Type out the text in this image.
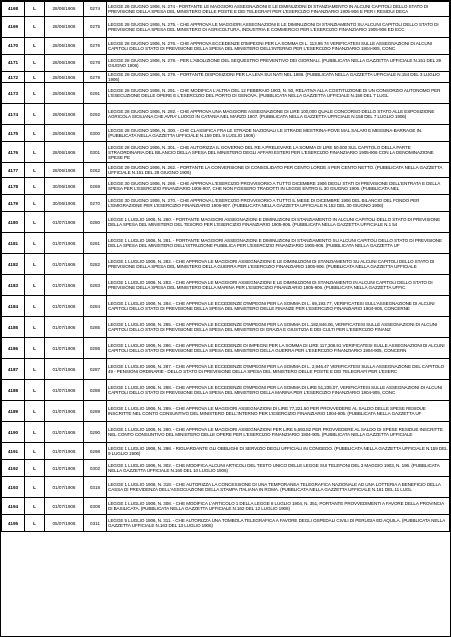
4168	L	28/06/1906	0274	LEGGE 28 GIUGNO 1906, N. 274 - PORTANTE LE MAGGIORI ASSEGNAZIONI E LE DIMINUZIONI DI STANZIAMENTO IN ALCUNI CAPITOLI DELLO STATO DI PREVISIONE DELLA SPESA DEL MINISTERO DELLE POSTE E DEI TELEGRAFI PER L'ESERCIZIO FINANZIARIO 1905-906 E PER I RESIDUI DECA
4169	L	28/06/1906	0275	LEGGE 28 GIUGNO 1906, N. 275. - CHE APPROVA LE MAGGIORI ASSEGNAZIONI E LE DIMINUZIONI DI STANZIAMENTO SU ALCUNI CAPITOLI DELLO STATO DI PREVISIONE DELLA SPESA DEL MINISTERO DI AGRICOLTURA, INDUSTRIA E COMMERCIO PER L'ESERCIZIO FINANZIARIO 1905-906 ED ECC
4170	L	28/06/1906	0276	LEGGE 28 GIUGNO 1906, N. 276. - CHE APPROVA ECCEDENZE D'IMPEGNI PER LA SOMMA DI L. 113.95 74 VERIFICATESI SULLE ASSEGNAZIONI DI ALCUNI CAPITOLI DELLO STATO DI PREVISIONE DELLA SPESA DEL MINISTERO DELL'INTERNO PER L'ESERCIZIO FINANZIARIO 1904-905, CONC
4171	L	28/06/1906	0278	LEGGE 28 GIUGNO 1906, N. 278. - PER L'ABOLIZIONE DEL SEQUESTRO PREVENTIVO DEI GIORNALI. (PUBBLICATA NELLA GAZZETTA UFFICIALE N.151 DEL 29 GIUGNO 1906)
4172	L	28/06/1906	0279	LEGGE 28 GIUGNO 1906, N. 279. - PORTANTE DISPOSIZIONI PER LA LEVA SUI NATI NEL 1886. (PUBBLICATA NELLA GAZZETTA UFFICIALE N.154 DEL 3 LUGLIO 1906)
4173	L	28/06/1906	0291	LEGGE 28 GIUGNO 1906, N. 291. - CHE MODIFICA L'ALTRA DEL 12 FEBBRAIO 1903, N. 50, RELATIVA ALLA COSTITUZIONE DI UN CONSORZIO AUTONOMO PER L'ESECUZIONE DELLE OPERE E L'ESERCIZIO DEL PORTO DI GENOVA. (PUBBLICATA NELLA GAZZETTA UFFICIALE N.158 DEL 7 LUGL
4174	L	28/06/1906	0292	LEGGE 28 GIUGNO 1906, N. 292. - CHE APPROVA UNA MAGGIORE ASSEGNAZIONE DI LIRE 100,000 QUALE CONCORSO DELLO STATO ALLE ESPOSIZIONE AGRICOLA SICILIANA CHE AVRA' LUOGO IN CATANIA NEL MARZO 1907. (PUBBLICATA NELLA GAZZETTA UFFICIALE N.158 DEL 7 LUGLIO 1906)
4175	L	28/06/1906	0300	LEGGE 28 GIUGNO 1906, N. 300. - CHE CLASSIFICA FRA LE STRADE NAZIONALI LE STRADE MESTRINA-POVE MAL SALARI E MESSINA-BARRAGE IN. (PUBBLICATA NELLA GAZZETTA UFFICIALE N.159 DEL 9 LUGLIO 1906)
4176	L	28/06/1906	0301	LEGGE 28 GIUGNO 1906, N. 301. - CHE AUTORIZZA IL GOVERNO DEL RE A PRELEVARE LA SOMMA DI LIRE 50.000 SUL CAPITOLO DELLA PARTE STRAORDINARIA DEL BILANCIO DELLA SPESA DEL MINISTERO DEGLI AFFARI ESTERI PER L'ESERCIZIO FINANZIARIO 1905-906 CON LA DENOMINAZIONE SPESE PE
4177	L	28/06/1906	0262	LEGGE 29 GIUGNO 1906, N. 262. - PORTANTE LA CONVERSIONE DI CONSOLIDATO PER CENTO LORDE 4 PER CENTO NETTO. (PUBBLICATA NELLA GAZZETTA UFFICIALE N.151 DEL 29 GIUGNO 1906)
4178	L	30/06/1906	0269	LEGGE 30 GIUGNO 1906, N. 269. - CHE APPROVA L'ESERCIZIO PROVVISORIO A TUTTO DICEMBRE 1906 DEGLI STATI DI PREVISIONE DELL'ENTRATA E DELLA SPESA PER L'ESERCIZIO FINANZIARIO 1906-907, CHE NON FOSSERO TRADOTTI IN LEGGE ENTRO IL 30 GIUGNO 1906. (PUBBLICATA NEL
4179	L	30/06/1906	0270	LEGGE 30 GIUGNO 1906, N. 270. - CHE APPROVA L'ESERCIZIO PROVVISORIO A TUTTO IL MESE DI DICEMBRE 1906 DEL BILANCIO DEL FONDO PER L'EMIGRAZIONE PER L'ESERCIZIO FINANZIARIO 1906-907. (PUBBLICATA NELLA GAZZETTA UFFICIALE N.152 DEL 30 GIUGNO 1906)
4180	L	01/07/1906	0280	LEGGE 1 LUGLIO 1906, N. 280. - PORTANTE MAGGIORI ASSEGNAZIONI E DIMINUZIONI DI STANZIAMENTO IN ALCUNI CAPITOLI DELLO STATO DI PREVISIONE DELLA SPESA DEL MINISTERO DEL TESORO PER L'ESERCIZIO FINANZIARIO 1905-906. (PUBBLICATA NELLA GAZZETTA UFFICIALE N.1 54
4181	L	01/07/1906	0281	LEGGE 1 LUGLIO 1906, N. 281. - PORTANTE MAGGIORI ASSEGNAZIONI E DIMINUZIONI DI STANZIAMENTO SU ALCUNI CAPITOLI DELLO STATO DI PREVISIONE DELLA SPESA DEL MINISTERO DELL'ISTRUZIONE PUBBLICA PER L'ESERCIZIO FINANZIARIO 1905-906. (PUBBLICATA NELLA GAZZETTA UF
4182	L	01/07/1906	0282	LEGGE 1 LUGLIO 1906, N. 282. - CHE APPROVA LE MAGGIORI ASSEGNAZIONI E LE DIMINUZIONI DI STANZIAMENTO SU ALCUNI CAPITOLI DELLO STATO DI PREVISIONE DELLA SPESA DEL MINISTERO DELLA GUERRA PER L'ESERCIZIO FINANZIARIO 1905-906. (PUBBLICATA NELLA GAZZETTA UFFICIALE
4183	L	01/07/1906	0283	LEGGE 1 LUGLIO 1906, N. 283. - CHE APPROVA LE MAGGIORI ASSEGNAZIONI E LE DIMINUZIONI DI STANZIAMENTO IN ALCUNI CAPITOLI DELLO STATO DI PREVISIONE DELLA SPESA DEL MINISTERO DELLA MARINA PER L'ESERCIZIO FINANZIARIO 1905-906. (PUBBLICATA NELLA GAZZETTA UFFIC
4184	L	01/07/1906	0284	LEGGE 1 LUGLIO 1906, N. 284. - CHE APPROVA LE ECCEDENZE D'IMPEGNI PER LA SOMMA DI L. 69,193.77, VERIFICATESI SULL'ASSEGNAZIONE DI ALCUNI CAPITOLI DELLO STATO DI PREVISIONE DELLA SPESA DEL MINISTERO DELLE FINANZE PER L'ESERCIZIO FINANZIARIO 1904-905, CONCERNE
4185	L	01/07/1906	0285	LEGGE 1 LUGLIO 1906, N. 285. - CHE APPROVA LE ECCEDENZE D'IMPEGNI PER LA SOMMA DI L.182,846.06, VERIFICATESI SULLE ASSEGNAZIONI DI ALCUNI CAPITOLI DELLO STATO DI PREVISIONE DELLA SPESA DEL MINISTERO DI GRAZIA E GIUSTIZIA E DEI CULTI PER L'ESERCIZIO FINANZ
4186	L	01/07/1906	0286	LEGGE 1 LUGLIO 1906, N. 286. - CHE APPROVA LE ECCEDENZE DI IMPEGNI PER LA SOMMA DI LIRE 117,306.91 VERIFICATESI SULLE ASSEGNAZIONI DI ALCUNI CAPITOLI DELLO STATO DI PREVISIONE DELLA SPESA DEL MINISTERO DELLA GUERRA PER L'ESERCIZIO FINANZIARIO 1904-905, CONCERN
4187	L	01/07/1906	0287	LEGGE 1 LUGLIO 1906, N. 287. - CHE APPROVA LE ECCEDENZE D'IMPEGNI PER LA SOMMA DI L. 2,946.47 VERIFICATESI SULLA ASSEGNAZIONE DEL CAPITOLO 49 - PENSIONI ORDINARIE - DELLO STATO DI PREVISIONE DELLA SPESA DEL MINISTERO DELLE POSTE E DEI TELEGRAFI PER L'ESERC
4188	L	01/07/1906	0288	LEGGE 1 LUGLIO 1906, N. 288. - CHE APPROVA LE ECCEDENZE D'IMPEGNI PER LA SOMMA DI LIRE 51,235.07, VERIFICATESI SULLE ASSEGNAZIONI DI ALCUNI CAPITOLI DELLO STATO DI PREVISIONE DELLA SPESA DEL MINISTERO DELLA MARINA PER L'ESERCIZIO FINANZIARIO 1904-905, CONC
4189	L	01/07/1906	0289	LEGGE 1 LUGLIO 1906, N. 289. - CHE APPROVA LE MAGGIORI ASSEGNAZIONI DI LIRE 77,221.50 PER PROVVEDERE AL SALDO DELLE SPESE RESIDUE INSCRITTE NEL CONTO CONSUNTIVO DEL MINISTERO DELL'INTERNO PER L'ESERCIZIO FINANZIARIO 1904-905. (PUBBLICATA NELLA GAZZETTA UF
4190	L	01/07/1906	0290	LEGGE 1 LUGLIO 1906, N. 290. - CHE APPROVA LE MAGGIORI ASSEGNAZIONI PER LIRE 5,693.82 PER PROVVEDERE AL SALDO DI SPESE RESIDUE INSCRITTE NEL CONTO CONSUNTIVO DEL MINISTERO DELLE OPERE PER L'ESERCIZIO FINANZIARIO 1904-905. (PUBBLICATA NELLA GAZZETTA UFFICIALE
4191	L	01/07/1906	0298	LEGGE 1 LUGLIO 1906, N. 298. - RIGUARDANTE GLI OBBLIGHI DI SERVIZIO DEGLI UFFICIALI IN CONGEDO. (PUBBLICATA NELLA GAZZETTA UFFICIALE N.159 DEL 9 LUGLIO 1906)
4192	L	01/07/1906	0302	LEGGE 1 LUGLIO 1906, N. 302. - CHE MODIFICA ALCUNI ARTICOLI DEL TESTO UNICO DELLE LEGGE SUI TELEFONI DEL 3 MAGGIO 1903, N. 196. (PUBBLICATA NELLA GAZZETTA UFFICIALE N.160 DEL 10 LUGLIO 1906)
4193	L	01/07/1906	0318	LEGGE 1 LUGLIO 1906, N. 318. - CHE AUTORIZZA LA CONCESSIONE DI UNA TEMPORANEA TELEGRAFICA NAZIONALE AD UNA LOTTERIA A BENEFICIO DELLA CASSA DI PREVIDENZA DELL'ASSOCIAZIONE DELLA STAMPA ITALIANA IN ROMA. (PUBBLICATA NELLA GAZZETTA UFFICIALE N.161 DEL 11 LUGL
4194	L	01/07/1906	0308	LEGGE 1 LUGLIO 1906, N. 308. - CHE MODIFICA L'ARTICOLO 1 DELLA LEGGE 8 LUGLIO 1904, N. 351, PORTANTE PROVVEDIMENTI A FAVORE DELLA PROVINCIA DI BASILICATA. (PUBBLICATA NELLA GAZZETTA UFFICIALE N.162 DEL 12 LUGLIO 1906)
4195	L	05/07/1906	0311	LEGGE 5 LUGLIO 1906, N. 311. - CHE AUTORIZZA UNA TOMBOLA TELEGRAFICA A FAVORE DEGLI OSPEDALI CIVILI DI PERUGIA ED AQUILA. (PUBBLICATA NELLA GAZZETTA UFFICIALE N.163 DEL 13 LUGLIO 1906)
